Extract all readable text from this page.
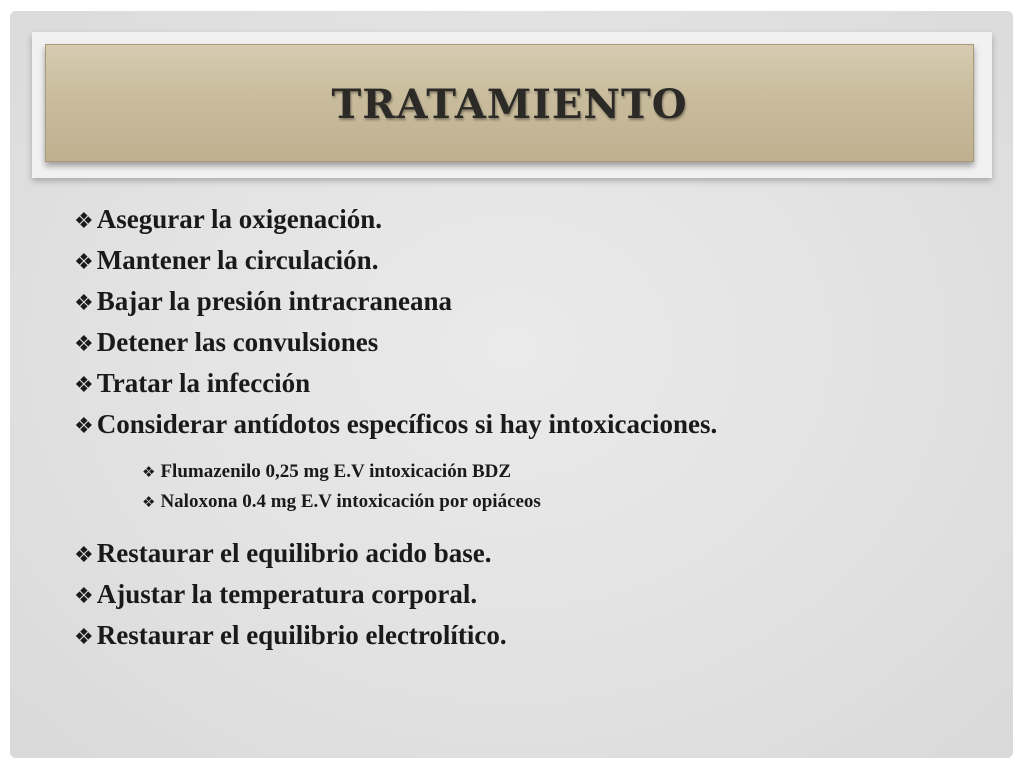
TRATAMIENTO
❖ Asegurar la oxigenación.
❖ Mantener la circulación.
❖ Bajar la presión intracraneana
❖ Detener las convulsiones
❖ Tratar la infección
❖ Considerar antídotos específicos si hay intoxicaciones.
❖ Flumazenilo 0,25 mg E.V intoxicación BDZ
❖ Naloxona 0.4 mg E.V intoxicación por opiáceos
❖ Restaurar el equilibrio acido base.
❖ Ajustar la temperatura corporal.
❖ Restaurar el equilibrio electrolítico.
